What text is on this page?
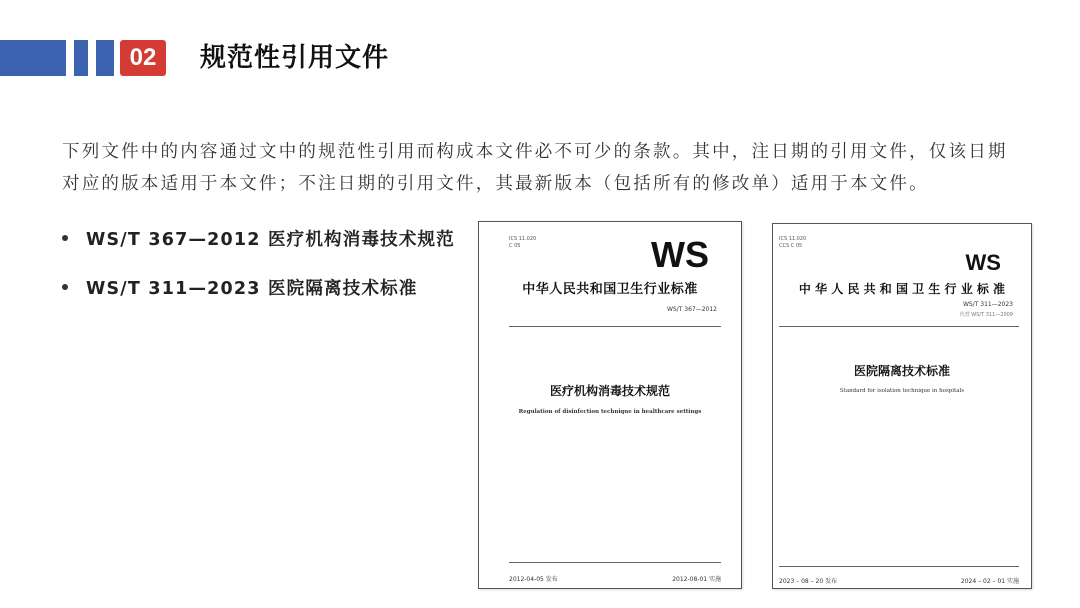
02	规范性引用文件
下列文件中的内容通过文中的规范性引用而构成本文件必不可少的条款。其中，注日期的引用文件，仅该日期对应的版本适用于本文件；不注日期的引用文件，其最新版本（包括所有的修改单）适用于本文件。
WS/T 367—2012 医疗机构消毒技术规范
WS/T 311—2023 医院隔离技术标准
ICS 11.020
C 05	WS
中华人民共和国卫生行业标准
WS/T 367—2012
医疗机构消毒技术规范
Regulation of disinfection technique in healthcare settings
2012-04-05 发布	2012-08-01 实施
ICS 11.020
CCS C 05
WS
中 华 人 民 共 和 国 卫 生 行 业 标 准
WS/T 311—2023
代替 WS/T 311—2009
医院隔离技术标准
Standard for isolation technique in hospitals
2023 – 08 – 20 发布	2024 – 02 – 01 实施
